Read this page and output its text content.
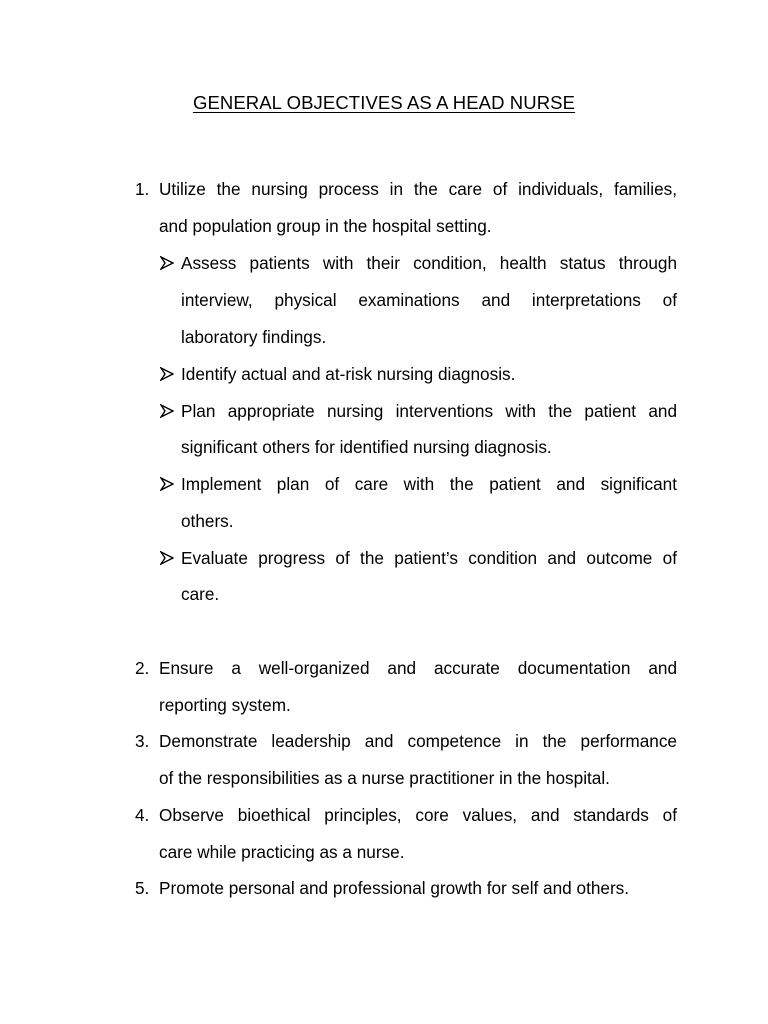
GENERAL OBJECTIVES AS A HEAD NURSE
1. Utilize the nursing process in the care of individuals, families,
and population group in the hospital setting.
Assess patients with their condition, health status through
interview, physical examinations and interpretations of
laboratory findings.
Identify actual and at-risk nursing diagnosis.
Plan appropriate nursing interventions with the patient and
significant others for identified nursing diagnosis.
Implement plan of care with the patient and significant
others.
Evaluate progress of the patient’s condition and outcome of
care.
2. Ensure a well-organized and accurate documentation and
reporting system.
3. Demonstrate leadership and competence in the performance
of the responsibilities as a nurse practitioner in the hospital.
4. Observe bioethical principles, core values, and standards of
care while practicing as a nurse.
5. Promote personal and professional growth for self and others.
